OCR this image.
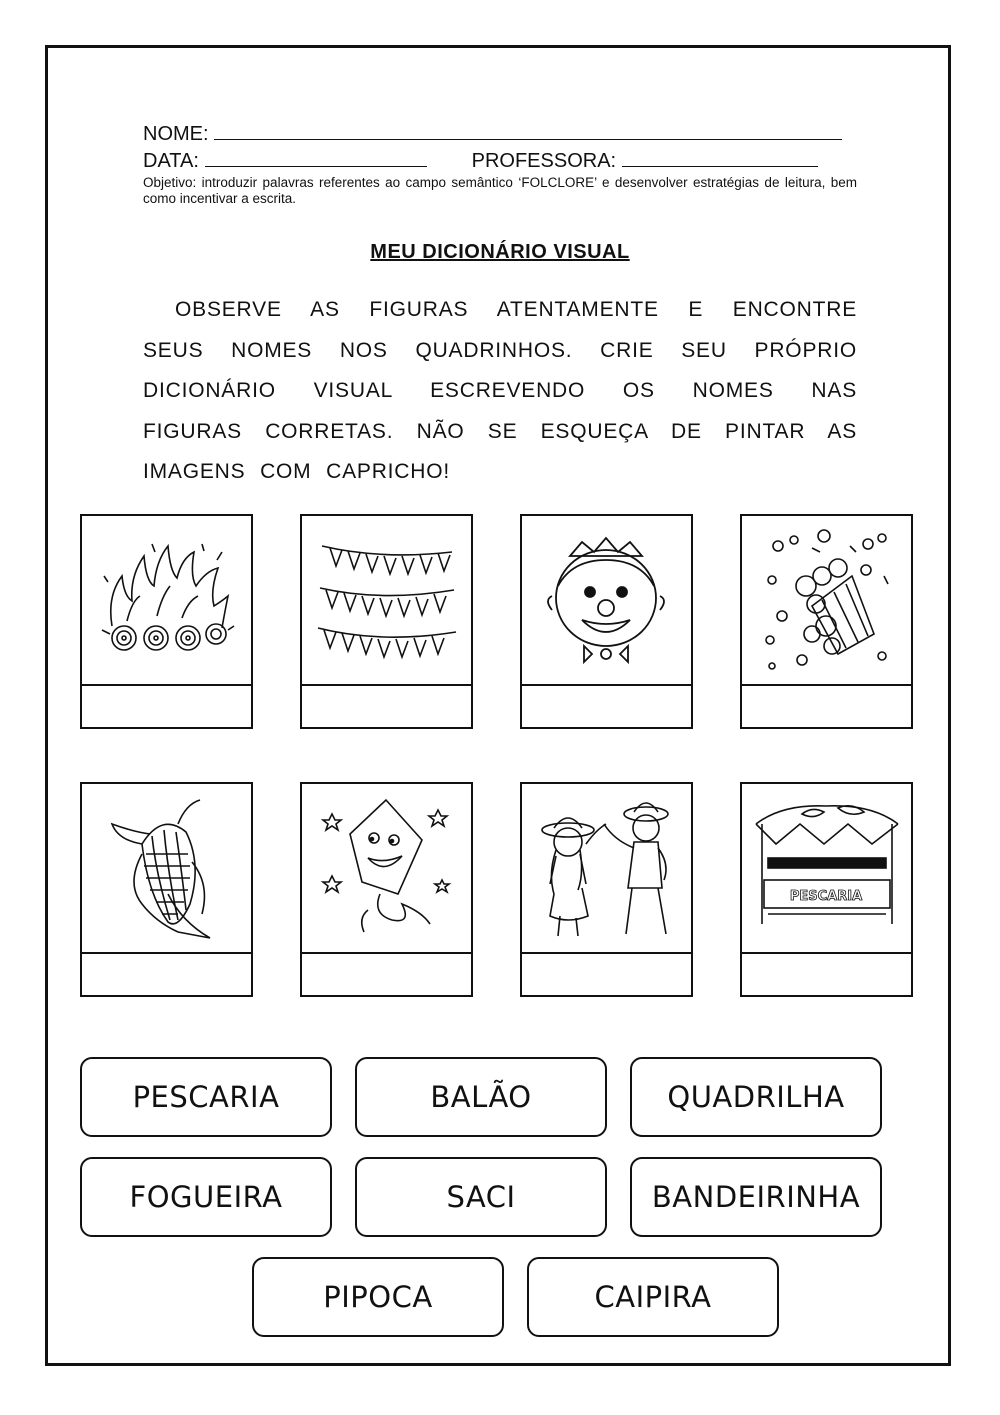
NOME:
DATA:	PROFESSORA:
Objetivo: introduzir palavras referentes ao campo semântico ‘FOLCLORE’ e desenvolver estratégias de leitura, bem como incentivar a escrita.
MEU DICIONÁRIO VISUAL
OBSERVE AS FIGURAS ATENTAMENTE E ENCONTRE
SEUS NOMES NOS QUADRINHOS. CRIE SEU PRÓPRIO
DICIONÁRIO VISUAL ESCREVENDO OS NOMES NAS
FIGURAS CORRETAS. NÃO SE ESQUEÇA DE PINTAR AS
IMAGENS COM CAPRICHO!
PESCARIA
PESCARIA	BALÃO	QUADRILHA
FOGUEIRA	SACI	BANDEIRINHA
PIPOCA	CAIPIRA
